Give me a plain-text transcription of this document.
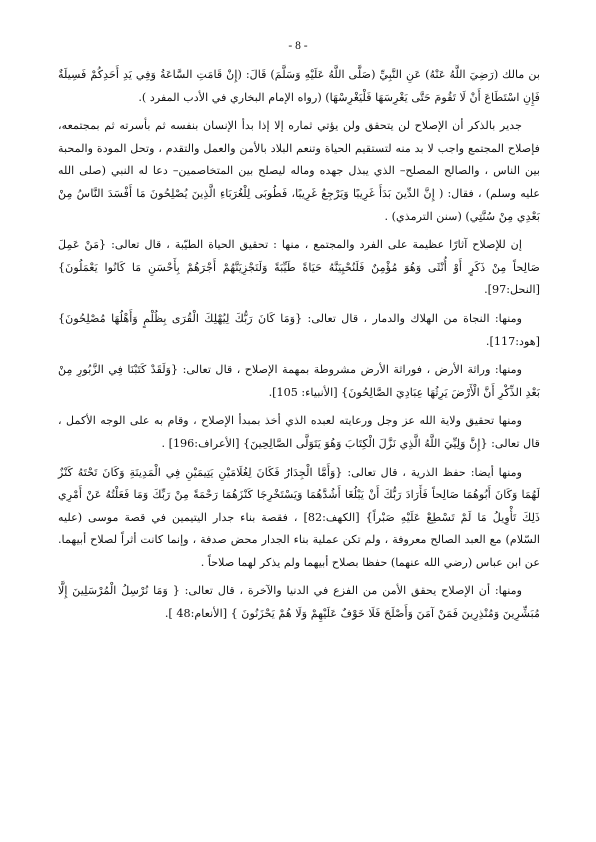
- 8 -

بن مالك (رَضِيَ اللَّهُ عَنْهُ) عَنِ النَّبِيِّ (صَلَّى اللَّهُ عَلَيْهِ وَسَلَّمَ) قَالَ: (إِنْ قَامَتِ السَّاعَةُ وَفِي يَدِ أَحَدِكُمْ فَسِيلَةٌ فَإِنِ اسْتَطَاعَ أَنْ لَا تَقُومَ حَتَّى يَغْرِسَهَا فَلْيَغْرِسْهَا) (رواه الإمام البخاري في الأدب المفرد ).

جدير بالذكر أن الإصلاح لن يتحقق ولن يؤتي ثماره إلا إذا بدأ الإنسان بنفسه ثم بأسرته ثم بمجتمعه، فإصلاح المجتمع واجب لا بد منه لتستقيم الحياة وتنعم البلاد بالأمن والعمل والتقدم ، وتحل المودة والمحبة بين الناس ، والصالح المصلح– الذي يبذل جهده وماله ليصلح بين المتخاصمين– دعا له النبي (صلى الله عليه وسلم) ، فقال: ( إِنَّ الدِّينَ بَدَأَ غَرِيبًا وَيَرْجِعُ غَرِيبًا، فَطُوبَى لِلْغُرَبَاءِ الَّذِينَ يُصْلِحُونَ مَا أَفْسَدَ النَّاسُ مِنْ بَعْدِي مِنْ سُنَّتِي) (سنن الترمذي) .

إن للإصلاح آثارًا عظيمة على الفرد والمجتمع ، منها : تحقيق الحياة الطيّبة ، قال تعالى: {مَنْ عَمِلَ صَالِحاً مِنْ ذَكَرٍ أَوْ أُنْثَى وَهُوَ مُؤْمِنٌ فَلَنُحْيِيَنَّهُ حَيَاةً طَيِّبَةً وَلَنَجْزِيَنَّهُمْ أَجْرَهُمْ بِأَحْسَنِ مَا كَانُوا يَعْمَلُونَ} [النحل:97].

ومنها: النجاة من الهلاك والدمار ، قال تعالى: {وَمَا كَانَ رَبُّكَ لِيُهْلِكَ الْقُرَى بِظُلْمٍ وَأَهْلُهَا مُصْلِحُونَ} [هود:117].

ومنها: وراثة الأرض ، فوراثة الأرض مشروطة بمهمة الإصلاح ، قال تعالى: {وَلَقَدْ كَتَبْنَا فِي الزَّبُورِ مِنْ بَعْدِ الذِّكْرِ أَنَّ الْأَرْضَ يَرِثُهَا عِبَادِيَ الصَّالِحُونَ} [الأنبياء: 105].

ومنها تحقيق ولاية الله عز وجل ورعايته لعبده الذي أخذ بمبدأ الإصلاح ، وقام به على الوجه الأكمل ، قال تعالى: {إِنَّ وَلِيِّيَ اللَّهُ الَّذِي نَزَّلَ الْكِتَابَ وَهُوَ يَتَوَلَّى الصَّالِحِينَ} [الأعراف:196] .

ومنها أيضا: حفظ الذرية ، قال تعالى: {وَأَمَّا الْجِدَارُ فَكَانَ لِغُلَامَيْنِ يَتِيمَيْنِ فِي الْمَدِينَةِ وَكَانَ تَحْتَهُ كَنْزٌ لَهُمَا وَكَانَ أَبُوهُمَا صَالِحاً فَأَرَادَ رَبُّكَ أَنْ يَبْلُغَا أَشُدَّهُمَا وَيَسْتَخْرِجَا كَنْزَهُمَا رَحْمَةً مِنْ رَبِّكَ وَمَا فَعَلْتُهُ عَنْ أَمْرِي ذَلِكَ تَأْوِيلُ مَا لَمْ تَسْطِعْ عَلَيْهِ صَبْراً} [الكهف:82] ، فقصة بناء جدار اليتيمين في قصة موسى (عليه السّلام) مع العبد الصالح معروفة ، ولم تكن عملية بناء الجدار محض صدفة ، وإنما كانت أثراً لصلاح أبيهما. عن ابن عباس (رضي الله عنهما) حفظا بصلاح أبيهما ولم يذكر لهما صلاحاً .

ومنها: أن الإصلاح يحقق الأمن من الفزع في الدنيا والآخرة ، قال تعالى: { وَمَا نُرْسِلُ الْمُرْسَلِينَ إِلَّا مُبَشِّرِينَ وَمُنْذِرِينَ فَمَنْ آمَنَ وَأَصْلَحَ فَلَا خَوْفٌ عَلَيْهِمْ وَلَا هُمْ يَحْزَنُونَ } [الأنعام:48 ].
